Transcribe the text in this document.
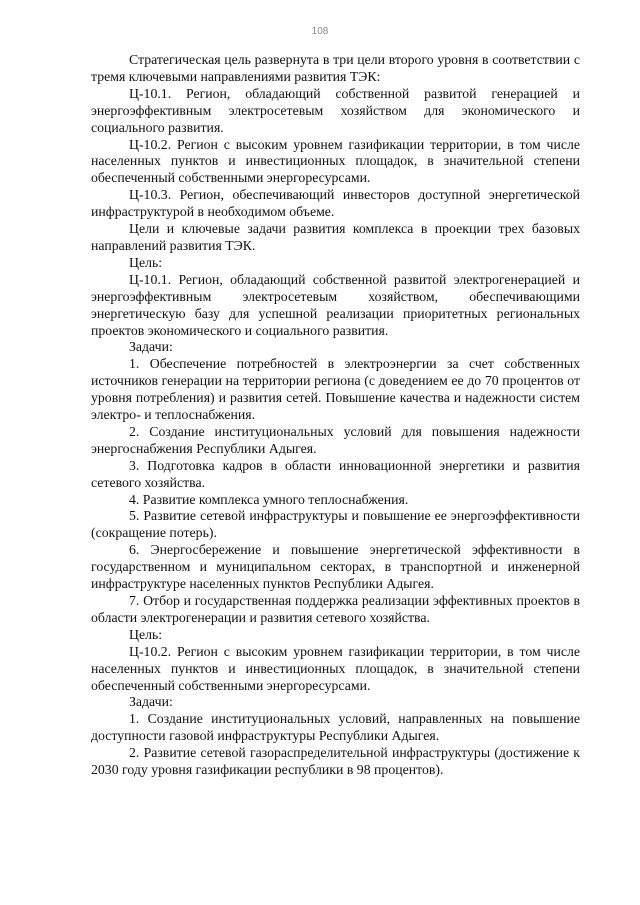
108

Стратегическая цель развернута в три цели второго уровня в соответствии с тремя ключевыми направлениями развития ТЭК:

Ц-10.1. Регион, обладающий собственной развитой генерацией и энергоэффективным электросетевым хозяйством для экономического и социального развития.

Ц-10.2. Регион с высоким уровнем газификации территории, в том числе населенных пунктов и инвестиционных площадок, в значительной степени обеспеченный собственными энергоресурсами.

Ц-10.3. Регион, обеспечивающий инвесторов доступной энергетической инфраструктурой в необходимом объеме.

Цели и ключевые задачи развития комплекса в проекции трех базовых направлений развития ТЭК.

Цель:

Ц-10.1. Регион, обладающий собственной развитой электрогенерацией и энергоэффективным электросетевым хозяйством, обеспечивающими энергетическую базу для успешной реализации приоритетных региональных проектов экономического и социального развития.

Задачи:

1. Обеспечение потребностей в электроэнергии за счет собственных источников генерации на территории региона (с доведением ее до 70 процентов от уровня потребления) и развития сетей. Повышение качества и надежности систем электро- и теплоснабжения.

2. Создание институциональных условий для повышения надежности энергоснабжения Республики Адыгея.

3. Подготовка кадров в области инновационной энергетики и развития сетевого хозяйства.

4. Развитие комплекса умного теплоснабжения.

5. Развитие сетевой инфраструктуры и повышение ее энергоэффективности (сокращение потерь).

6. Энергосбережение и повышение энергетической эффективности в государственном и муниципальном секторах, в транспортной и инженерной инфраструктуре населенных пунктов Республики Адыгея.

7. Отбор и государственная поддержка реализации эффективных проектов в области электрогенерации и развития сетевого хозяйства.

Цель:

Ц-10.2. Регион с высоким уровнем газификации территории, в том числе населенных пунктов и инвестиционных площадок, в значительной степени обеспеченный собственными энергоресурсами.

Задачи:

1. Создание институциональных условий, направленных на повышение доступности газовой инфраструктуры Республики Адыгея.

2. Развитие сетевой газораспределительной инфраструктуры (достижение к 2030 году уровня газификации республики в 98 процентов).
